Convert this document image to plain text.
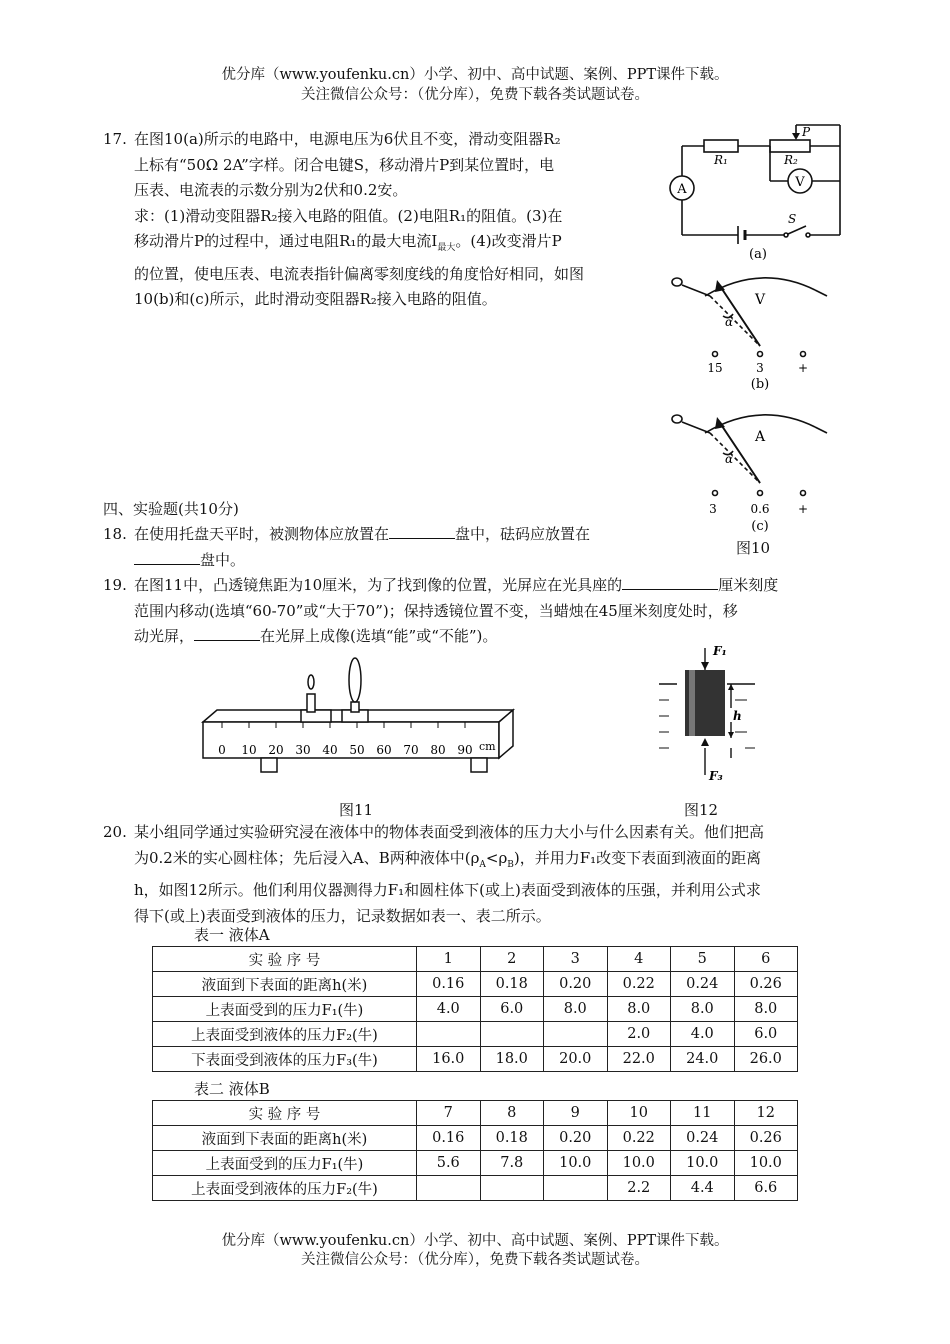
优分库（www.youfenku.cn）小学、初中、高中试题、案例、PPT课件下载。
关注微信公众号：（优分库），免费下载各类试题试卷。
17. 在图10(a)所示的电路中，电源电压为6伏且不变，滑动变阻器R₂
上标有“50Ω 2A”字样。闭合电键S，移动滑片P到某位置时，电
压表、电流表的示数分别为2伏和0.2安。
求：(1)滑动变阻器R₂接入电路的阻值。(2)电阻R₁的阻值。(3)在
移动滑片P的过程中，通过电阻R₁的最大电流$I_{最大}$。(4)改变滑片P
的位置，使电压表、电流表指针偏离零刻度线的角度恰好相同，如图
10(b)和(c)所示，此时滑动变阻器R₂接入电路的阻值。
A	V
R₁	R₂
P
S
(a)
V
α
15	3	+
(b)
A
α
3	0.6 +
(c)
图10
四、实验题(共10分)
18. 在使用托盘天平时，被测物体应放置在	盘中，砝码应放置在
盘中。
19. 在图11中，凸透镜焦距为10厘米，为了找到像的位置，光屏应在光具座的	厘米刻度
范围内移动(选填“60-70”或“大于70”)；保持透镜位置不变，当蜡烛在45厘米刻度处时，移
动光屏，	在光屏上成像(选填“能”或“不能”)。
0 10 20 30 40 50 60 70 80 90 cm
图11
F₁
h
F₃
图12
20. 某小组同学通过实验研究浸在液体中的物体表面受到液体的压力大小与什么因素有关。他们把高
为0.2米的实心圆柱体；先后浸入A、B两种液体中$(\rho_A<\rho_B)$，并用力F₁改变下表面到液面的距离
h，如图12所示。他们利用仪器测得力F₁和圆柱体下(或上)表面受到液体的压强，并利用公式求
得下(或上)表面受到液体的压力，记录数据如表一、表二所示。
表一 液体A
实 验 序 号	1	2	3	4	5	6
液面到下表面的距离h(米)	0.16	0.18	0.20	0.22	0.24	0.26
上表面受到的压力F₁(牛)	4.0	6.0	8.0	8.0	8.0	8.0
上表面受到液体的压力F₂(牛)				2.0	4.0	6.0
下表面受到液体的压力F₃(牛)	16.0	18.0	20.0	22.0	24.0	26.0
表二 液体B
实 验 序 号	7	8	9	10	11	12
液面到下表面的距离h(米)	0.16	0.18	0.20	0.22	0.24	0.26
上表面受到的压力F₁(牛)	5.6	7.8	10.0	10.0	10.0	10.0
上表面受到液体的压力F₂(牛)				2.2	4.4	6.6
优分库（www.youfenku.cn）小学、初中、高中试题、案例、PPT课件下载。
关注微信公众号：（优分库），免费下载各类试题试卷。
